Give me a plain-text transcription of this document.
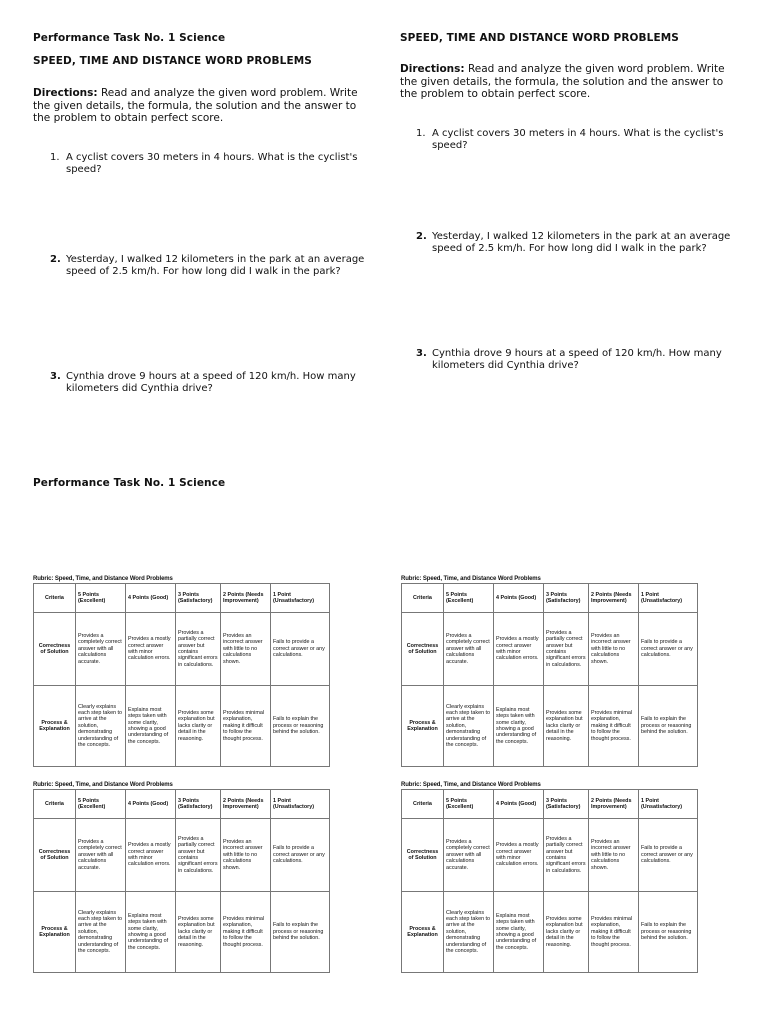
Performance Task No. 1 Science
SPEED, TIME AND DISTANCE WORD PROBLEMS
Directions: Read and analyze the given word problem. Write the given details, the formula, the solution and the answer to the problem to obtain perfect score.
1. A cyclist covers 30 meters in 4 hours. What is the cyclist's speed?
2. Yesterday, I walked 12 kilometers in the park at an average speed of 2.5 km/h. For how long did I walk in the park?
3. Cynthia drove 9 hours at a speed of 120 km/h. How many kilometers did Cynthia drive?
Performance Task No. 1 Science
SPEED, TIME AND DISTANCE WORD PROBLEMS
Directions: Read and analyze the given word problem. Write the given details, the formula, the solution and the answer to the problem to obtain perfect score.
1. A cyclist covers 30 meters in 4 hours. What is the cyclist's speed?
2. Yesterday, I walked 12 kilometers in the park at an average speed of 2.5 km/h. For how long did I walk in the park?
3. Cynthia drove 9 hours at a speed of 120 km/h. How many kilometers did Cynthia drive?
Rubric: Speed, Time, and Distance Word Problems
Criteria	5 Points (Excellent)	4 Points (Good)	3 Points (Satisfactory)	2 Points (Needs Improvement)	1 Point (Unsatisfactory)
Correctness of Solution	Provides a completely correct answer with all calculations accurate.	Provides a mostly correct answer with minor calculation errors.	Provides a partially correct answer but contains significant errors in calculations.	Provides an incorrect answer with little to no calculations shown.	Fails to provide a correct answer or any calculations.
Process & Explanation	Clearly explains each step taken to arrive at the solution, demonstrating understanding of the concepts.	Explains most steps taken with some clarity, showing a good understanding of the concepts.	Provides some explanation but lacks clarity or detail in the reasoning.	Provides minimal explanation, making it difficult to follow the thought process.	Fails to explain the process or reasoning behind the solution.
Rubric: Speed, Time, and Distance Word Problems
Criteria	5 Points (Excellent)	4 Points (Good)	3 Points (Satisfactory)	2 Points (Needs Improvement)	1 Point (Unsatisfactory)
Correctness of Solution	Provides a completely correct answer with all calculations accurate.	Provides a mostly correct answer with minor calculation errors.	Provides a partially correct answer but contains significant errors in calculations.	Provides an incorrect answer with little to no calculations shown.	Fails to provide a correct answer or any calculations.
Process & Explanation	Clearly explains each step taken to arrive at the solution, demonstrating understanding of the concepts.	Explains most steps taken with some clarity, showing a good understanding of the concepts.	Provides some explanation but lacks clarity or detail in the reasoning.	Provides minimal explanation, making it difficult to follow the thought process.	Fails to explain the process or reasoning behind the solution.
Rubric: Speed, Time, and Distance Word Problems
Criteria	5 Points (Excellent)	4 Points (Good)	3 Points (Satisfactory)	2 Points (Needs Improvement)	1 Point (Unsatisfactory)
Correctness of Solution	Provides a completely correct answer with all calculations accurate.	Provides a mostly correct answer with minor calculation errors.	Provides a partially correct answer but contains significant errors in calculations.	Provides an incorrect answer with little to no calculations shown.	Fails to provide a correct answer or any calculations.
Process & Explanation	Clearly explains each step taken to arrive at the solution, demonstrating understanding of the concepts.	Explains most steps taken with some clarity, showing a good understanding of the concepts.	Provides some explanation but lacks clarity or detail in the reasoning.	Provides minimal explanation, making it difficult to follow the thought process.	Fails to explain the process or reasoning behind the solution.
Rubric: Speed, Time, and Distance Word Problems
Criteria	5 Points (Excellent)	4 Points (Good)	3 Points (Satisfactory)	2 Points (Needs Improvement)	1 Point (Unsatisfactory)
Correctness of Solution	Provides a completely correct answer with all calculations accurate.	Provides a mostly correct answer with minor calculation errors.	Provides a partially correct answer but contains significant errors in calculations.	Provides an incorrect answer with little to no calculations shown.	Fails to provide a correct answer or any calculations.
Process & Explanation	Clearly explains each step taken to arrive at the solution, demonstrating understanding of the concepts.	Explains most steps taken with some clarity, showing a good understanding of the concepts.	Provides some explanation but lacks clarity or detail in the reasoning.	Provides minimal explanation, making it difficult to follow the thought process.	Fails to explain the process or reasoning behind the solution.
